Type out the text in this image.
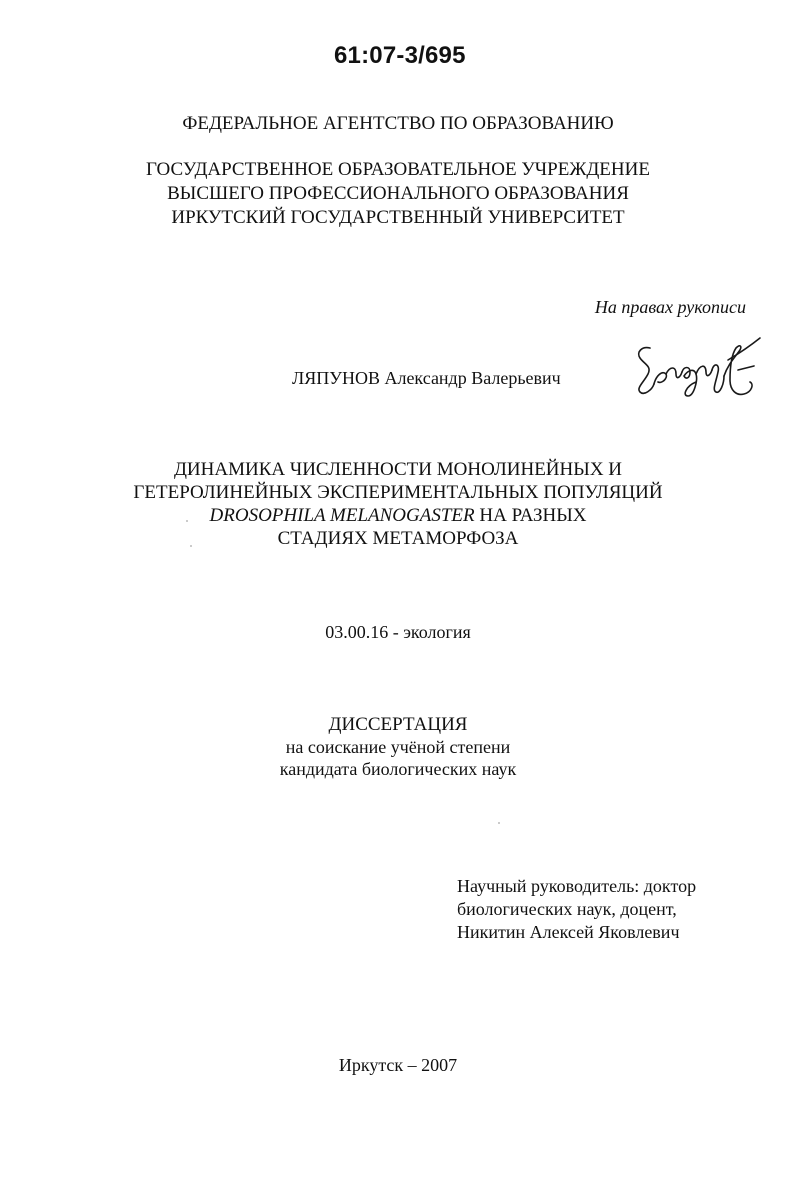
61:07-3/695
ФЕДЕРАЛЬНОЕ АГЕНТСТВО ПО ОБРАЗОВАНИЮ
ГОСУДАРСТВЕННОЕ ОБРАЗОВАТЕЛЬНОЕ УЧРЕЖДЕНИЕ
ВЫСШЕГО ПРОФЕССИОНАЛЬНОГО ОБРАЗОВАНИЯ
ИРКУТСКИЙ ГОСУДАРСТВЕННЫЙ УНИВЕРСИТЕТ
На правах рукописи
ЛЯПУНОВ Александр Валерьевич
ДИНАМИКА ЧИСЛЕННОСТИ МОНОЛИНЕЙНЫХ И
ГЕТЕРОЛИНЕЙНЫХ ЭКСПЕРИМЕНТАЛЬНЫХ ПОПУЛЯЦИЙ
DROSOPHILA MELANOGASTER НА РАЗНЫХ
СТАДИЯХ МЕТАМОРФОЗА
03.00.16 - экология
ДИССЕРТАЦИЯ
на соискание учёной степени
кандидата биологических наук
Научный руководитель: доктор
биологических наук, доцент,
Никитин Алексей Яковлевич
Иркутск – 2007
